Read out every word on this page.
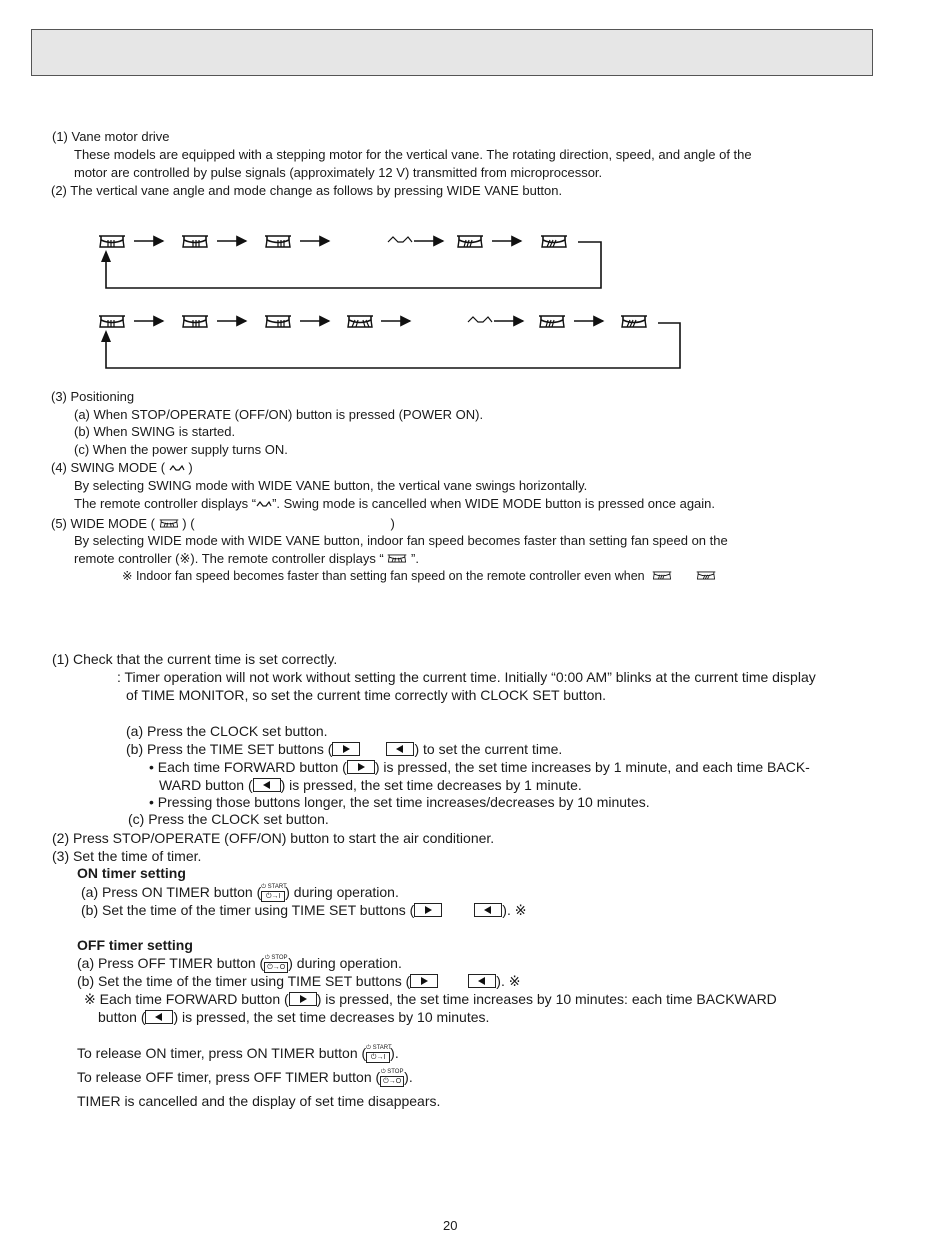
(1) Vane motor drive
These models are equipped with a stepping motor for the vertical vane. The rotating direction, speed, and angle of the
motor are controlled by pulse signals (approximately 12 V) transmitted from microprocessor.
(2) The vertical vane angle and mode change as follows by pressing WIDE VANE button.
(3) Positioning
(a) When STOP/OPERATE (OFF/ON) button is pressed (POWER ON).
(b) When SWING is started.
(c) When the power supply turns ON.
(4) SWING MODE ( )
By selecting SWING mode with WIDE VANE button, the vertical vane swings horizontally.
The remote controller displays “ ”. Swing mode is cancelled when WIDE MODE button is pressed once again.
(5) WIDE MODE ( ) (	)
By selecting WIDE mode with WIDE VANE button, indoor fan speed becomes faster than setting fan speed on the
remote controller (※). The remote controller displays “ ”.
※ Indoor fan speed becomes faster than setting fan speed on the remote controller even when
(1) Check that the current time is set correctly.
: Timer operation will not work without setting the current time. Initially “0:00 AM” blinks at the current time display
of TIME MONITOR, so set the current time correctly with CLOCK SET button.
(a) Press the CLOCK set button.
(b) Press the TIME SET buttons (	) to set the current time.
• Each time FORWARD button ( ) is pressed, the set time increases by 1 minute, and each time BACK-
WARD button ( ) is pressed, the set time decreases by 1 minute.
• Pressing those buttons longer, the set time increases/decreases by 10 minutes.
(c) Press the CLOCK set button.
(2) Press STOP/OPERATE (OFF/ON) button to start the air conditioner.
(3) Set the time of timer.
ON timer setting
(a) Press ON TIMER button ( ⏻ START
⏻→I ) during operation.
(b) Set the time of the timer using TIME SET buttons (	). ※
OFF timer setting
(a) Press OFF TIMER button ( ⏻ STOP
⏻→O ) during operation.
(b) Set the time of the timer using TIME SET buttons (	). ※
※ Each time FORWARD button ( ) is pressed, the set time increases by 10 minutes: each time BACKWARD
button ( ) is pressed, the set time decreases by 10 minutes.
To release ON timer, press ON TIMER button ( ⏻ START
⏻→I ).
To release OFF timer, press OFF TIMER button ( ⏻ STOP
⏻→O ).
TIMER is cancelled and the display of set time disappears.
20
